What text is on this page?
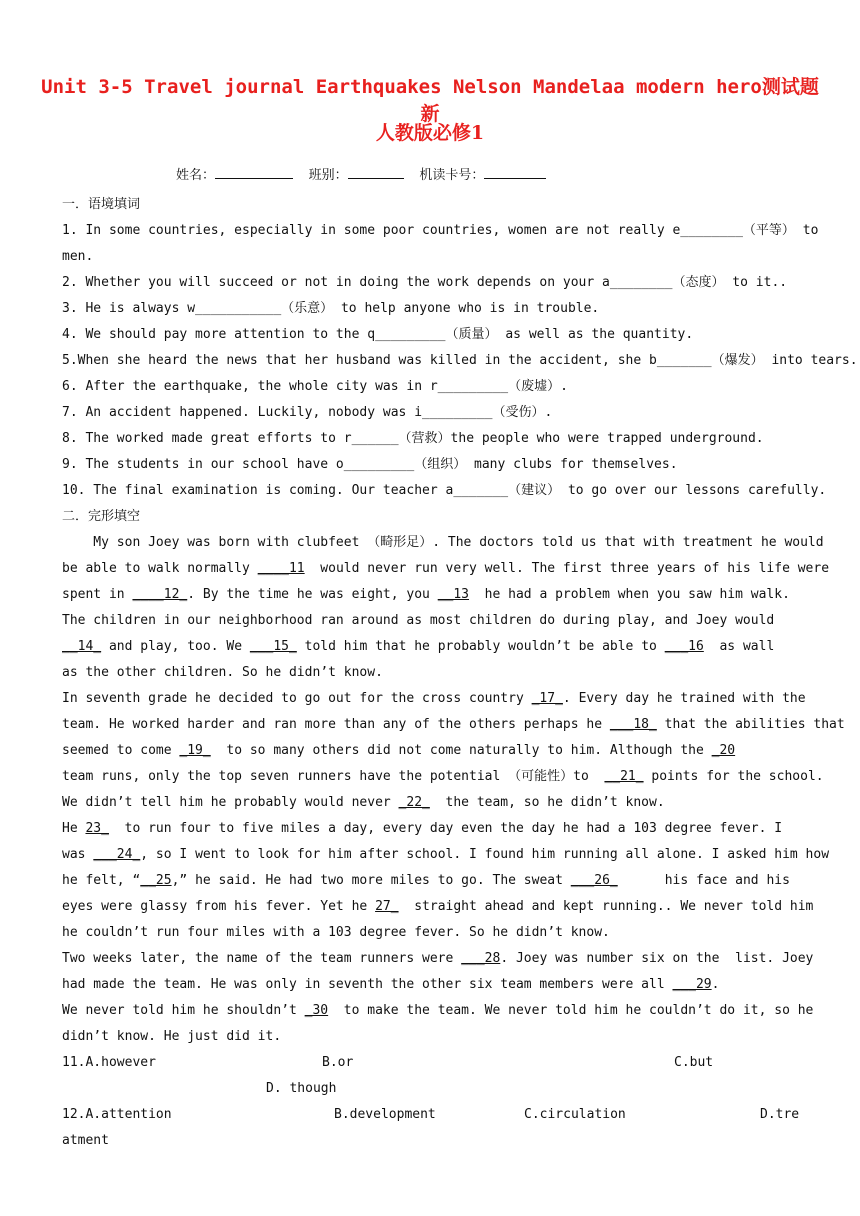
Unit 3-5 Travel journal Earthquakes Nelson Mandelaa modern hero测试题 新
人教版必修1
姓名：	班别：	机读卡号：
一．语境填词
1. In some countries, especially in some poor countries, women are not really e________（平等） to
men.
2. Whether you will succeed or not in doing the work depends on your a________（态度） to it..
3. He is always w___________（乐意） to help anyone who is in trouble.
4. We should pay more attention to the q_________（质量） as well as the quantity.
5.When she heard the news that her husband was killed in the accident, she b_______（爆发） into tears.
6. After the earthquake, the whole city was in r_________（废墟）.
7. An accident happened. Luckily, nobody was i_________（受伤）.
8. The worked made great efforts to r______（营救）the people who were trapped underground.
9. The students in our school have o_________（组织） many clubs for themselves.
10. The final examination is coming. Our teacher a_______（建议） to go over our lessons carefully.
二．完形填空
My son Joey was born with clubfeet （畸形足）. The doctors told us that with treatment he would
be able to walk normally ____11  would never run very well. The first three years of his life were
spent in ____12_. By the time he was eight, you __13  he had a problem when you saw him walk.
The children in our neighborhood ran around as most children do during play, and Joey would
__14_ and play, too. We ___15_ told him that he probably wouldn’t be able to ___16  as wall
as the other children. So he didn’t know.
In seventh grade he decided to go out for the cross country _17_. Every day he trained with the
team. He worked harder and ran more than any of the others perhaps he ___18_ that the abilities that
seemed to come _19_  to so many others did not come naturally to him. Although the _20
team runs, only the top seven runners have the potential （可能性）to  __21_ points for the school.
We didn’t tell him he probably would never _22_  the team, so he didn’t know.
He 23_  to run four to five miles a day, every day even the day he had a 103 degree fever. I
was ___24_, so I went to look for him after school. I found him running all alone. I asked him how
he felt, “__25,” he said. He had two more miles to go. The sweat ___26_      his face and his
eyes were glassy from his fever. Yet he 27_  straight ahead and kept running.. We never told him
he couldn’t run four miles with a 103 degree fever. So he didn’t know.
Two weeks later, the name of the team runners were ___28. Joey was number six on the  list. Joey
had made the team. He was only in seventh the other six team members were all ___29.
We never told him he shouldn’t _30  to make the team. We never told him he couldn’t do it, so he
didn’t know. He just did it.
11.A.however	B.or	C.but
D. though
12.A.attention	B.development	C.circulation	D.tre
atment
